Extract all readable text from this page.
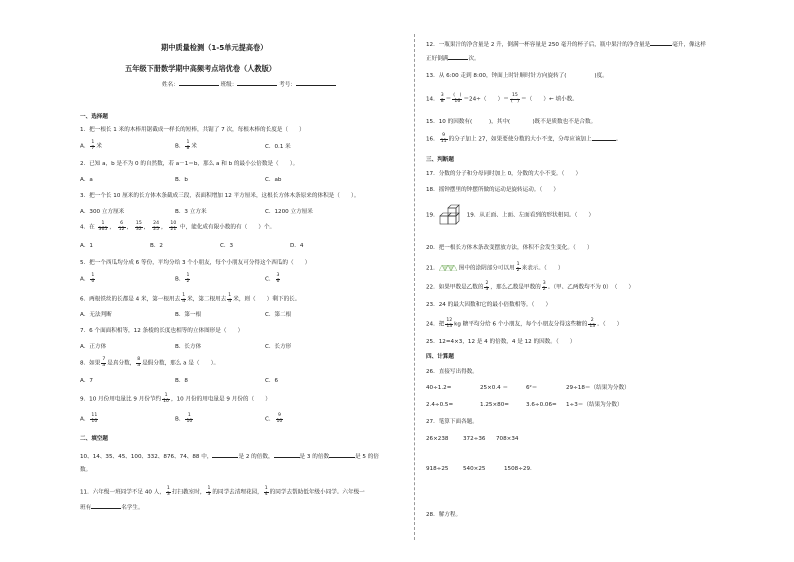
期中质量检测（1-5单元提高卷）
五年级下册数学期中高频考点培优卷（人教版）
姓名：	班级：	考号：
一、选择题
1．把一根长 1 米的木棒用锯截成一样长的短棒，共锯了 7 次，每根木棒的长度是（　　）
A． $\frac{1}{7}$ 米	B． $\frac{1}{8}$ 米	C．0.1 米
2．已知 a，b 是不为 0 的自然数，若 a－1＝b，那么 a 和 b 的最小公倍数是（　　）。
A．a	B．b	C．ab
3．把一个长 10 厘米的长方体木条截成三段，表面积增加 12 平方厘米，这根长方体木条原来的体积是（　　）。
A．300 立方厘米	B．3 立方米	C．1200 立方厘米
4．在 $\frac{1}{365}$ ， $\frac{6}{12}$ ， $\frac{15}{32}$ ， $\frac{24}{25}$ ， $\frac{10}{21}$ 中，能化成有限小数的有（　　）个。
A．1	B．2	C．3	D．4
5．把一个西瓜均分成 6 等份，平均分给 3 个小朋友，每个小朋友可分得这个西瓜的（　　）
A． $\frac{1}{6}$	B． $\frac{1}{2}$	C． $\frac{3}{6}$
6．两根铁丝的长都是 4 米，第一根用去 $\frac{1}{4}$ 米，第二根用去 $\frac{1}{4}$ 米，则（　　）剩下的长。
A．无法判断	B．第一根	C．第二根
7．6 个面面积相等，12 条棱的长度也相等的立体图形是（　　）
A．正方体	B．长方体	C．长方形
8．如果 $\frac{7}{a}$ 是真分数， $\frac{8}{a}$ 是假分数，那么 a 是（　　）。
A．7	B．8	C．6
9．10 月份用电量比 9 月份节约 $\frac{1}{10}$ ，10 月份的用电量是 9 月份的（　　）
A． $\frac{11}{10}$	B． $\frac{1}{10}$	C． $\frac{9}{10}$
二、填空题
10、14、35、45、100、332、876、74、88 中，	是 2 的倍数，	是 3 的倍数	是 5 的倍
数。
11．六年级一班同学不足 40 人， $\frac{1}{3}$ 打扫教室时， $\frac{1}{3}$ 的同学去清理花园， $\frac{1}{4}$ 的同学去帮助低年级小同学。六年级一
班有	名学生。
12．一瓶果汁的净含量是 2 升，倒满一杯容量是 250 毫升的杯子后，瓶中果汁的净含量是	毫升，像这样
正好倒满	次。
13．从 6:00 走到 8:00，钟面上时针顺时针方向旋转了(　　　　　)度。
14． $\frac{3}{8} = \frac{( )}{16} =24\div$（　　）＝ $\frac{15}{( )}$ ＝（　　）← 填小数。
15．10 的因数有(　　　)，其中(　　　　)既不是质数也不是合数。
16． $\frac{9}{11}$ 的分子加上 27，如果要使分数的大小不变，分母应该加上	。
三、判断题
17．分数的分子和分母同时加上 0，分数的大小不变。（　　）
18．摇钟摆里的钟摆所做的运动是旋转运动。（　　）
19．	19．从正面、上面、左面看到的形状相同。（　　）
20．把一根长方体木条改变摆放方法，体积不会发生变化。（　　）
21．	图中的涂阴部分可以用 $\frac{1}{2}$ 来表示。（　　）
22．如果甲数是乙数的 $\frac{2}{3}$ ，那么乙数是甲数的 $\frac{3}{2}$ 。（甲、乙两数均不为 0）　（　　）
23．24 的最大因数和它的最小倍数相等。（　　）
24．把 $\frac{12}{13}$ kg 糖平均分给 6 个小朋友，每个小朋友分得这些糖的 $\frac{2}{13}$ 。（　　）
25．12=4×3，12 是 4 的倍数，4 是 12 的因数。（　　）
四、计算题
26．直接写出得数。
40÷1.2=	25×0.4 ＝	6²＝	29÷18＝（结果为分数）
2.4÷0.5=	1.25×80=	3.6÷0.06= 1÷3＝（结果为分数）
27．笔算下面各题。
26×238	372÷36 708×34
918÷25	540×25	1508÷29.
28．解方程。
